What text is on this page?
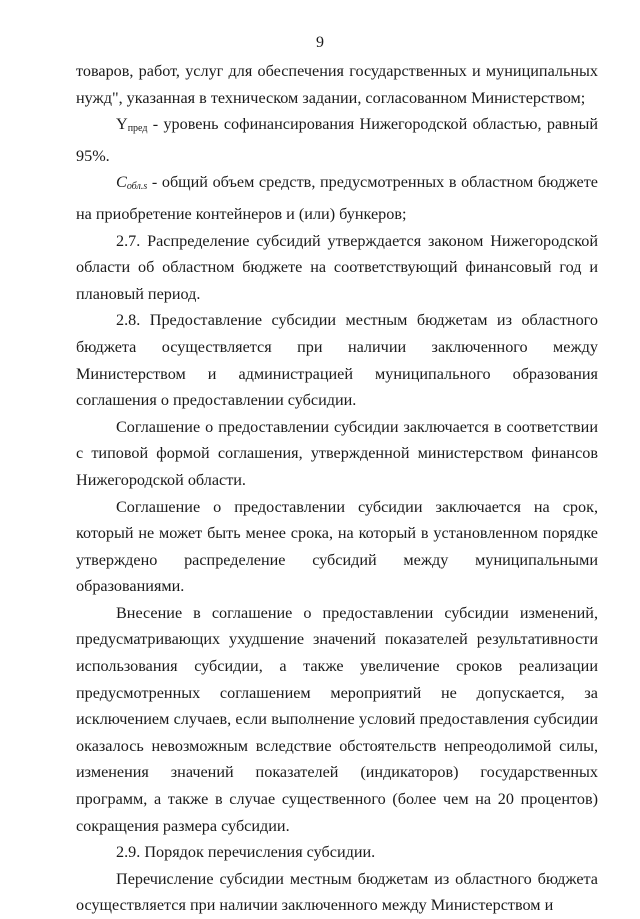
9

товаров, работ, услуг для обеспечения государственных и муниципальных нужд", указанная в техническом задании, согласованном Министерством;

$Y_{пред}$ - уровень софинансирования Нижегородской областью, равный 95%.

$C_{обл.s}$ - общий объем средств, предусмотренных в областном бюджете на приобретение контейнеров и (или) бункеров;

2.7. Распределение субсидий утверждается законом Нижегородской области об областном бюджете на соответствующий финансовый год и плановый период.

2.8. Предоставление субсидии местным бюджетам из областного бюджета осуществляется при наличии заключенного между Министерством и администрацией муниципального образования соглашения о предоставлении субсидии.

Соглашение о предоставлении субсидии заключается в соответствии с типовой формой соглашения, утвержденной министерством финансов Нижегородской области.

Соглашение о предоставлении субсидии заключается на срок, который не может быть менее срока, на который в установленном порядке утверждено распределение субсидий между муниципальными образованиями.

Внесение в соглашение о предоставлении субсидии изменений, предусматривающих ухудшение значений показателей результативности использования субсидии, а также увеличение сроков реализации предусмотренных соглашением мероприятий не допускается, за исключением случаев, если выполнение условий предоставления субсидии оказалось невозможным вследствие обстоятельств непреодолимой силы, изменения значений показателей (индикаторов) государственных программ, а также в случае существенного (более чем на 20 процентов) сокращения размера субсидии.

2.9. Порядок перечисления субсидии.

Перечисление субсидии местным бюджетам из областного бюджета осуществляется при наличии заключенного между Министерством и
